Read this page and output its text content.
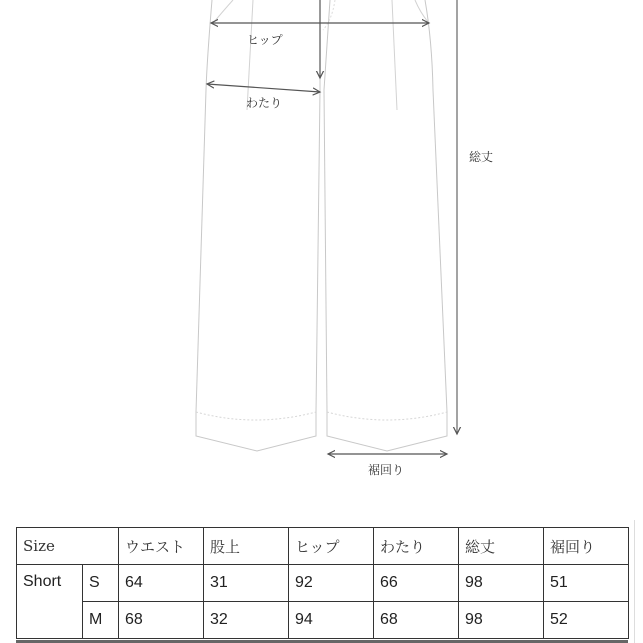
ヒップ
わたり
総丈
裾回り
Size		ウエスト	股上	ヒップ	わたり	総丈	裾回り
Short	S	64	31	92	66	98	51
	M	68	32	94	68	98	52
